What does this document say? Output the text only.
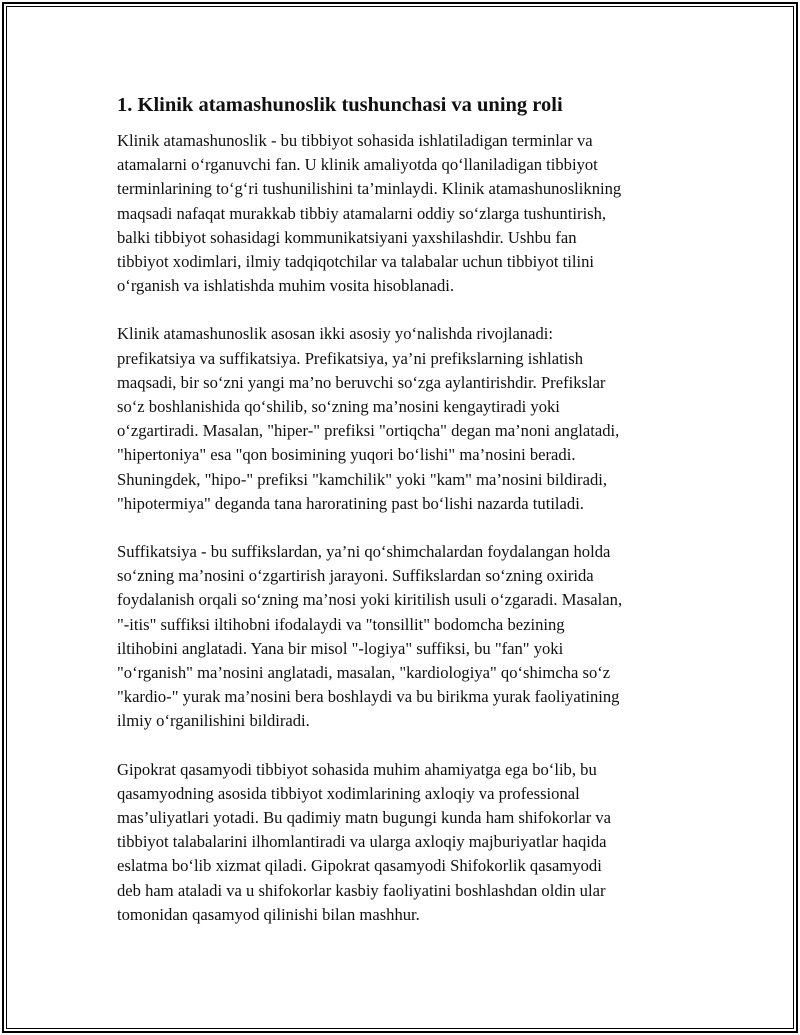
1. Klinik atamashunoslik tushunchasi va uning roli

Klinik atamashunoslik - bu tibbiyot sohasida ishlatiladigan terminlar va
atamalarni o‘rganuvchi fan. U klinik amaliyotda qo‘llaniladigan tibbiyot
terminlarining to‘g‘ri tushunilishini ta’minlaydi. Klinik atamashunoslikning
maqsadi nafaqat murakkab tibbiy atamalarni oddiy so‘zlarga tushuntirish,
balki tibbiyot sohasidagi kommunikatsiyani yaxshilashdir. Ushbu fan
tibbiyot xodimlari, ilmiy tadqiqotchilar va talabalar uchun tibbiyot tilini
o‘rganish va ishlatishda muhim vosita hisoblanadi.

Klinik atamashunoslik asosan ikki asosiy yo‘nalishda rivojlanadi:
prefikatsiya va suffikatsiya. Prefikatsiya, ya’ni prefikslarning ishlatish
maqsadi, bir so‘zni yangi ma’no beruvchi so‘zga aylantirishdir. Prefikslar
so‘z boshlanishida qo‘shilib, so‘zning ma’nosini kengaytiradi yoki
o‘zgartiradi. Masalan, "hiper-" prefiksi "ortiqcha" degan ma’noni anglatadi,
"hipertoniya" esa "qon bosimining yuqori bo‘lishi" ma’nosini beradi.
Shuningdek, "hipo-" prefiksi "kamchilik" yoki "kam" ma’nosini bildiradi,
"hipotermiya" deganda tana haroratining past bo‘lishi nazarda tutiladi.

Suffikatsiya - bu suffikslardan, ya’ni qo‘shimchalardan foydalangan holda
so‘zning ma’nosini o‘zgartirish jarayoni. Suffikslardan so‘zning oxirida
foydalanish orqali so‘zning ma’nosi yoki kiritilish usuli o‘zgaradi. Masalan,
"-itis" suffiksi iltihobni ifodalaydi va "tonsillit" bodomcha bezining
iltihobini anglatadi. Yana bir misol "-logiya" suffiksi, bu "fan" yoki
"o‘rganish" ma’nosini anglatadi, masalan, "kardiologiya" qo‘shimcha so‘z
"kardio-" yurak ma’nosini bera boshlaydi va bu birikma yurak faoliyatining
ilmiy o‘rganilishini bildiradi.

Gipokrat qasamyodi tibbiyot sohasida muhim ahamiyatga ega bo‘lib, bu
qasamyodning asosida tibbiyot xodimlarining axloqiy va professional
mas’uliyatlari yotadi. Bu qadimiy matn bugungi kunda ham shifokorlar va
tibbiyot talabalarini ilhomlantiradi va ularga axloqiy majburiyatlar haqida
eslatma bo‘lib xizmat qiladi. Gipokrat qasamyodi Shifokorlik qasamyodi
deb ham ataladi va u shifokorlar kasbiy faoliyatini boshlashdan oldin ular
tomonidan qasamyod qilinishi bilan mashhur.
